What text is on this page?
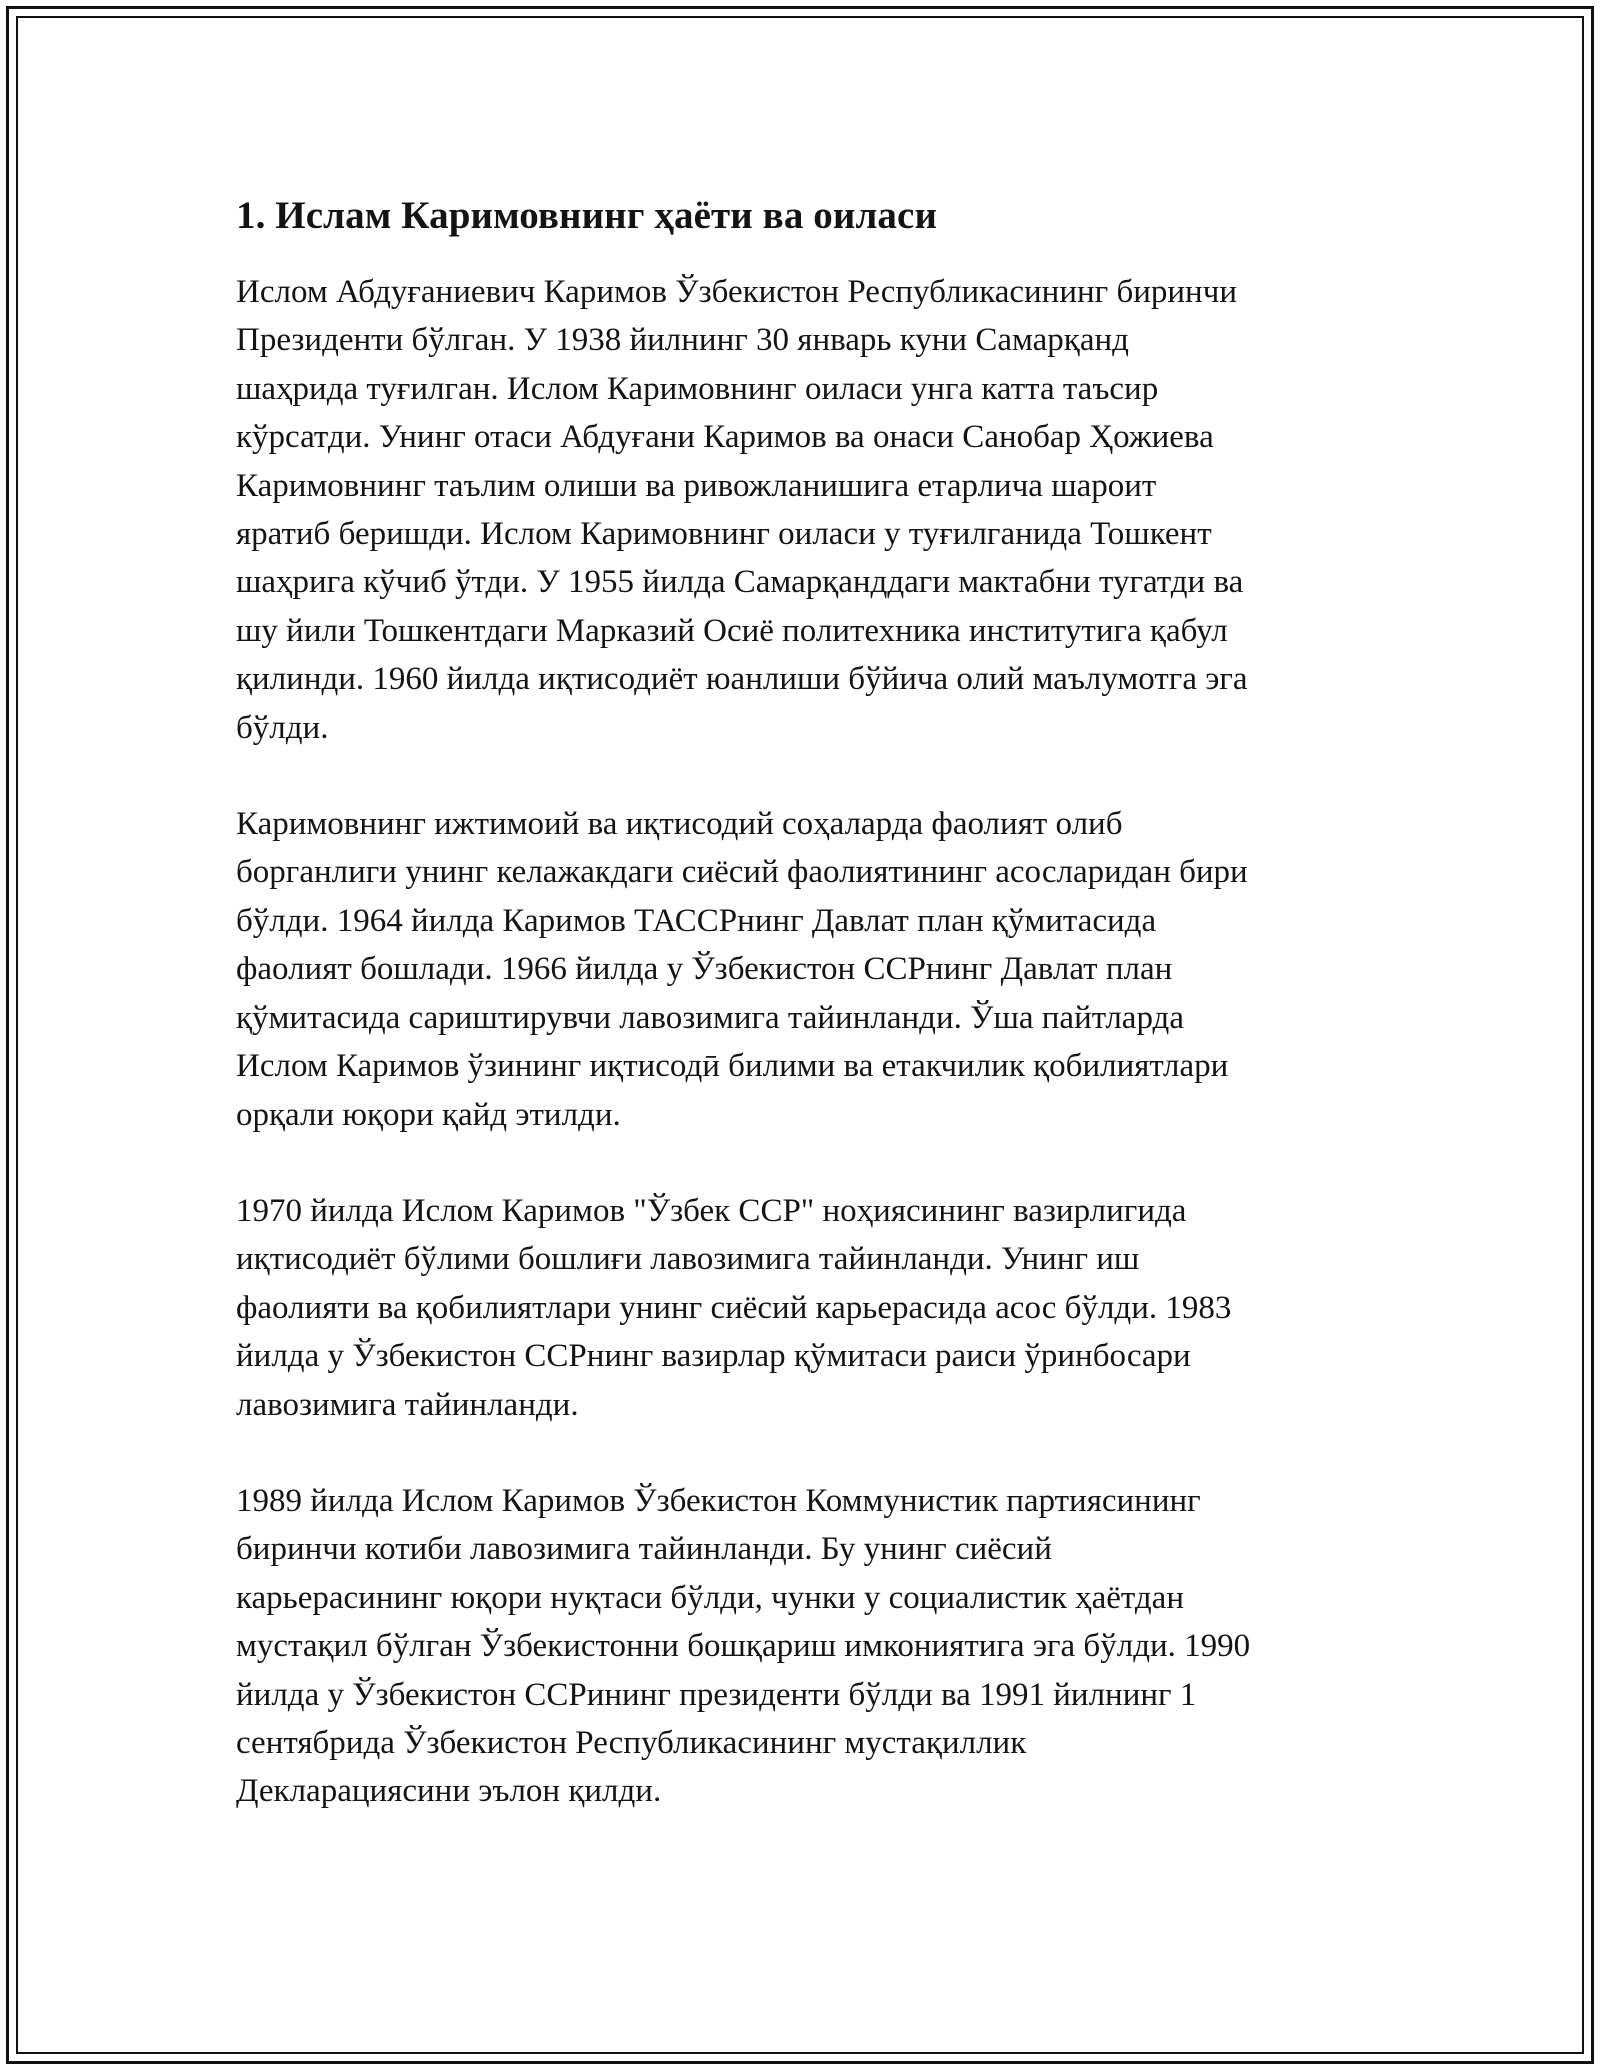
1. Ислам Каримовнинг ҳаёти ва оиласи

Ислом Абдуғаниевич Каримов Ўзбекистон Республикасининг биринчи
Президенти бўлган. У 1938 йилнинг 30 январь куни Самарқанд
шаҳрида туғилган. Ислом Каримовнинг оиласи унга катта таъсир
кўрсатди. Унинг отаси Абдуғани Каримов ва онаси Санобар Ҳожиева
Каримовнинг таълим олиши ва ривожланишига етарлича шароит
яратиб беришди. Ислом Каримовнинг оиласи у туғилганида Тошкент
шаҳрига кўчиб ўтди. У 1955 йилда Самарқанддаги мактабни тугатди ва
шу йили Тошкентдаги Марказий Осиё политехника институтига қабул
қилинди. 1960 йилда иқтисодиёт юанлиши бўйича олий маълумотга эга
бўлди.

Каримовнинг ижтимоий ва иқтисодий соҳаларда фаолият олиб
борганлиги унинг келажакдаги сиёсий фаолиятининг асосларидан бири
бўлди. 1964 йилда Каримов ТАССРнинг Давлат план қўмитасида
фаолият бошлади. 1966 йилда у Ўзбекистон ССРнинг Давлат план
қўмитасида сариштирувчи лавозимига тайинланди. Ўша пайтларда
Ислом Каримов ўзининг иқтисодӣ билими ва етакчилик қобилиятлари
орқали юқори қайд этилди.

1970 йилда Ислом Каримов "Ўзбек ССР" ноҳиясининг вазирлигида
иқтисодиёт бўлими бошлиғи лавозимига тайинланди. Унинг иш
фаолияти ва қобилиятлари унинг сиёсий карьерасида асос бўлди. 1983
йилда у Ўзбекистон ССРнинг вазирлар қўмитаси раиси ўринбосари
лавозимига тайинланди.

1989 йилда Ислом Каримов Ўзбекистон Коммунистик партиясининг
биринчи котиби лавозимига тайинланди. Бу унинг сиёсий
карьерасининг юқори нуқтаси бўлди, чунки у социалистик ҳаётдан
мустақил бўлган Ўзбекистонни бошқариш имкониятига эга бўлди. 1990
йилда у Ўзбекистон ССРининг президенти бўлди ва 1991 йилнинг 1
сентябрида Ўзбекистон Республикасининг мустақиллик
Декларациясини эълон қилди.
